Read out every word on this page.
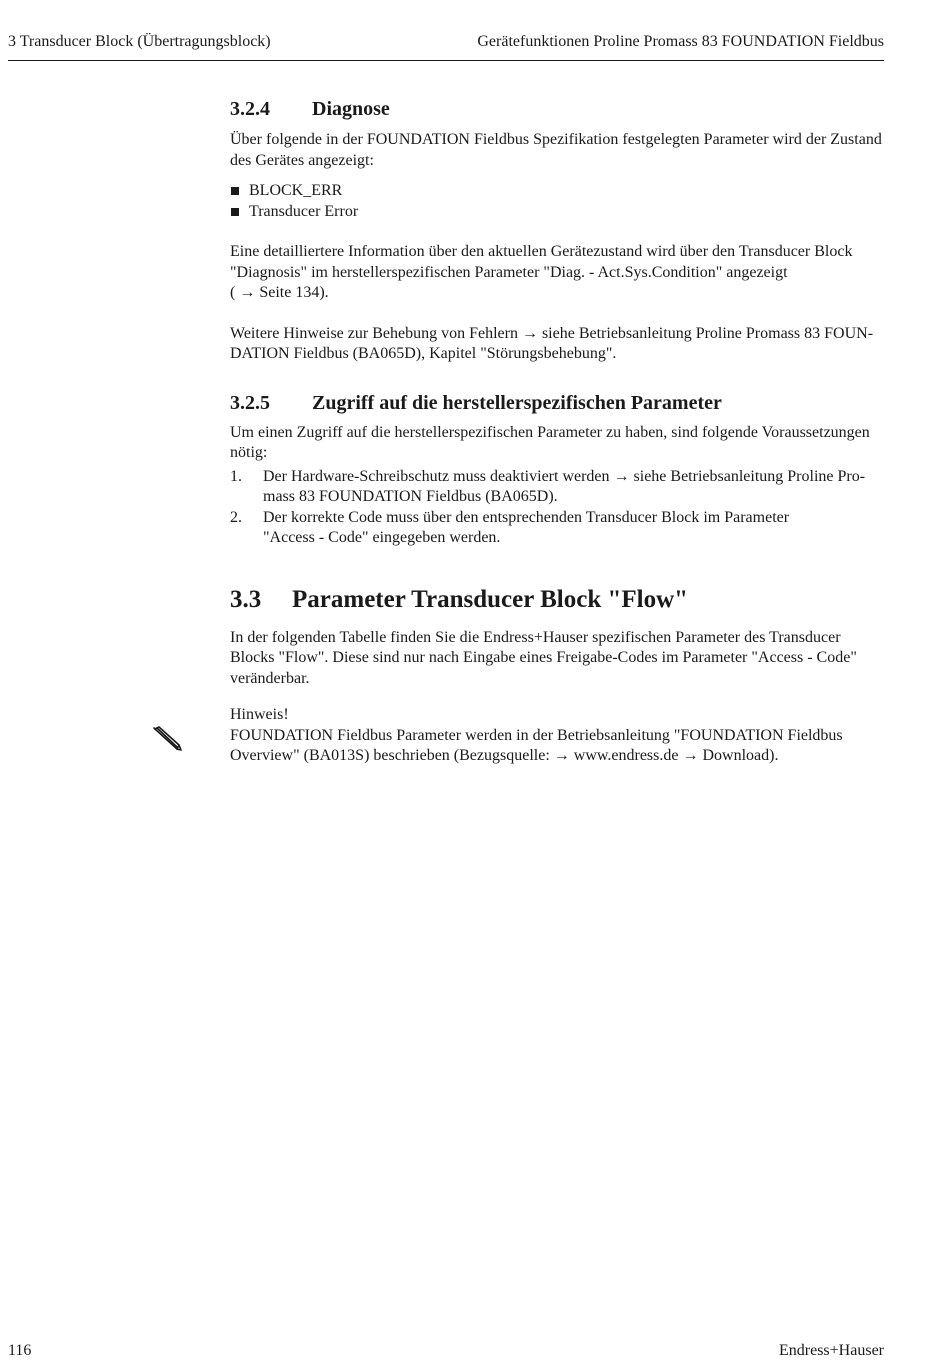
3 Transducer Block (Übertragungsblock)	Gerätefunktionen Proline Promass 83 FOUNDATION Fieldbus
3.2.4 Diagnose

Über folgende in der FOUNDATION Fieldbus Spezifikation festgelegten Parameter wird der Zustand des Gerätes angezeigt:

BLOCK_ERR
Transducer Error

Eine detailliertere Information über den aktuellen Gerätezustand wird über den Transducer Block
"Diagnosis" im herstellerspezifischen Parameter "Diag. - Act.Sys.Condition" angezeigt
( → Seite 134).

Weitere Hinweise zur Behebung von Fehlern → siehe Betriebsanleitung Proline Promass 83 FOUN-
DATION Fieldbus (BA065D), Kapitel "Störungsbehebung".

3.2.5 Zugriff auf die herstellerspezifischen Parameter

Um einen Zugriff auf die herstellerspezifischen Parameter zu haben, sind folgende Voraussetzungen
nötig:

1. Der Hardware-Schreibschutz muss deaktiviert werden → siehe Betriebsanleitung Proline Pro-
mass 83 FOUNDATION Fieldbus (BA065D).
2. Der korrekte Code muss über den entsprechenden Transducer Block im Parameter
"Access - Code" eingegeben werden.
3.3 Parameter Transducer Block "Flow"

In der folgenden Tabelle finden Sie die Endress+Hauser spezifischen Parameter des Transducer
Blocks "Flow". Diese sind nur nach Eingabe eines Freigabe-Codes im Parameter "Access - Code"
veränderbar.

Hinweis!
FOUNDATION Fieldbus Parameter werden in der Betriebsanleitung "FOUNDATION Fieldbus
Overview" (BA013S) beschrieben (Bezugsquelle: → www.endress.de → Download).

116	Endress+Hauser
